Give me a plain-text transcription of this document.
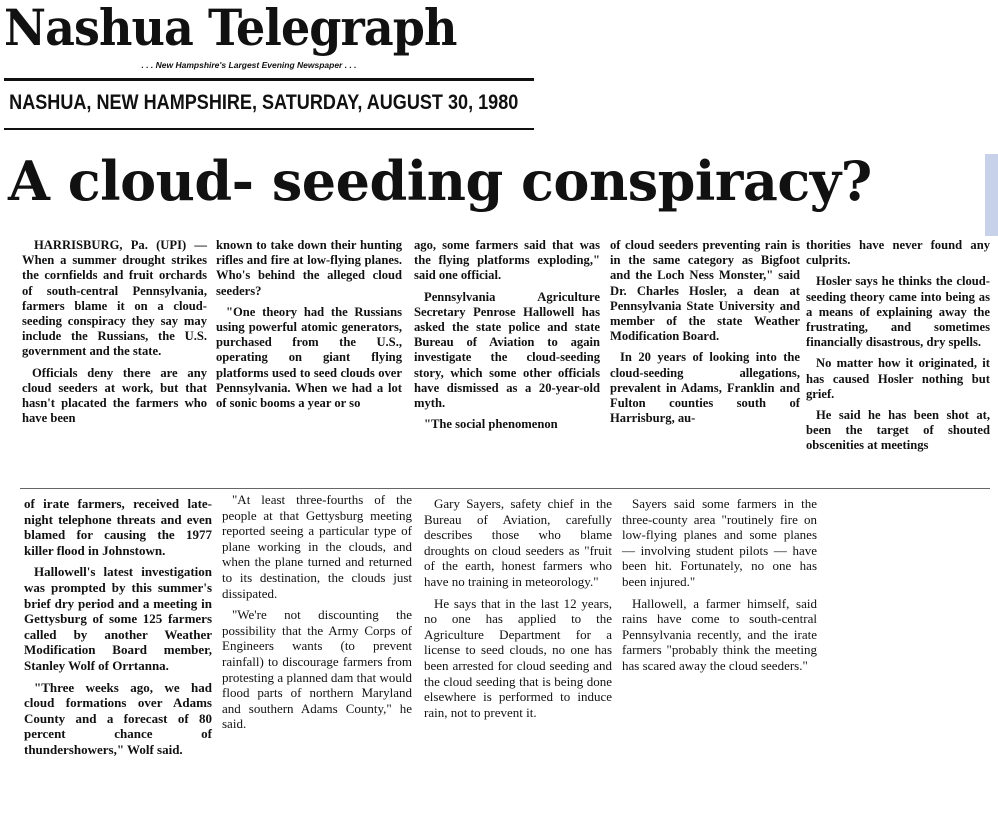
Nashua Telegraph
. . . New Hampshire's Largest Evening Newspaper . . .
NASHUA, NEW HAMPSHIRE, SATURDAY, AUGUST 30, 1980
A cloud- seeding conspiracy?

HARRISBURG, Pa. (UPI) — When a summer drought strikes the cornfields and fruit orchards of south-central Pennsylvania, farmers blame it on a cloud-seeding conspiracy they say may include the Russians, the U.S. government and the state.

Officials deny there are any cloud seeders at work, but that hasn't placated the farmers who have been

known to take down their hunting rifles and fire at low-flying planes. Who's behind the alleged cloud seeders?

"One theory had the Russians using powerful atomic generators, purchased from the U.S., operating on giant flying platforms used to seed clouds over Pennsylvania. When we had a lot of sonic booms a year or so

ago, some farmers said that was the flying platforms exploding," said one official.

Pennsylvania Agriculture Secretary Penrose Hallowell has asked the state police and state Bureau of Aviation to again investigate the cloud-seeding story, which some other officials have dismissed as a 20-year-old myth.

"The social phenomenon

of cloud seeders preventing rain is in the same category as Bigfoot and the Loch Ness Monster," said Dr. Charles Hosler, a dean at Pennsylvania State University and member of the state Weather Modification Board.

In 20 years of looking into the cloud-seeding allegations, prevalent in Adams, Franklin and Fulton counties south of Harrisburg, au-

thorities have never found any culprits.

Hosler says he thinks the cloud-seeding theory came into being as a means of explaining away the frustrating, and sometimes financially disastrous, dry spells.

No matter how it originated, it has caused Hosler nothing but grief.

He said he has been shot at, been the target of shouted obscenities at meetings

of irate farmers, received late-night telephone threats and even blamed for causing the 1977 killer flood in Johnstown.

Hallowell's latest investigation was prompted by this summer's brief dry period and a meeting in Gettysburg of some 125 farmers called by another Weather Modification Board member, Stanley Wolf of Orrtanna.

"Three weeks ago, we had cloud formations over Adams County and a forecast of 80 percent chance of thundershowers," Wolf said.

"At least three-fourths of the people at that Gettysburg meeting reported seeing a particular type of plane working in the clouds, and when the plane turned and returned to its destination, the clouds just dissipated.

"We're not discounting the possibility that the Army Corps of Engineers wants (to prevent rainfall) to discourage farmers from protesting a planned dam that would flood parts of northern Maryland and southern Adams County," he said.

Gary Sayers, safety chief in the Bureau of Aviation, carefully describes those who blame droughts on cloud seeders as "fruit of the earth, honest farmers who have no training in meteorology."

He says that in the last 12 years, no one has applied to the Agriculture Department for a license to seed clouds, no one has been arrested for cloud seeding and the cloud seeding that is being done elsewhere is performed to induce rain, not to prevent it.

Sayers said some farmers in the three-county area "routinely fire on low-flying planes and some planes — involving student pilots — have been hit. Fortunately, no one has been injured."

Hallowell, a farmer himself, said rains have come to south-central Pennsylvania recently, and the irate farmers "probably think the meeting has scared away the cloud seeders."
